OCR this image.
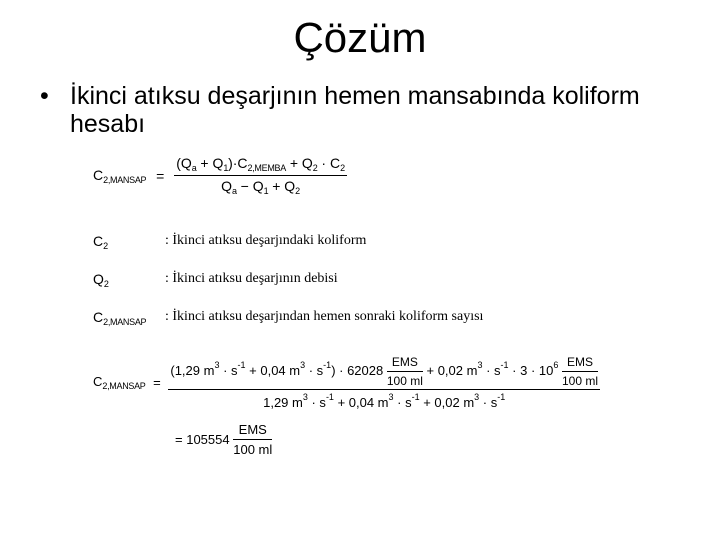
Çözüm
• İkinci atıksu deşarjının hemen mansabında koliform hesabı
$C_{2,MANSAP} = \frac{(Q_a + Q_1)\cdot C_{2,MEMBA} + Q_2 \cdot C_2}{Q_a - Q_1 + Q_2}$
$C_2$	: İkinci atıksu deşarjındaki koliform
$Q_2$	: İkinci atıksu deşarjının debisi
$C_{2,MANSAP}$ : İkinci atıksu deşarjından hemen sonraki koliform sayısı
$C_{2,MANSAP}$ =
(1,29 $m^3 \cdot s^{-1} + 0,04$ $m^3 \cdot s^{-1}) \cdot 62028 \frac{\text{EMS}}{100 ml} + 0,02$ $m^3 \cdot s^{-1} \cdot 3 \cdot 10^6 \frac{\text{EMS}}{100 ml}$
1,29 $m^3 \cdot s^{-1} + 0,04$ $m^3 \cdot s^{-1} + 0,02$ $m^3 \cdot s^{-1}$
= $105554 \frac{\text{EMS}}{100 ml}$
